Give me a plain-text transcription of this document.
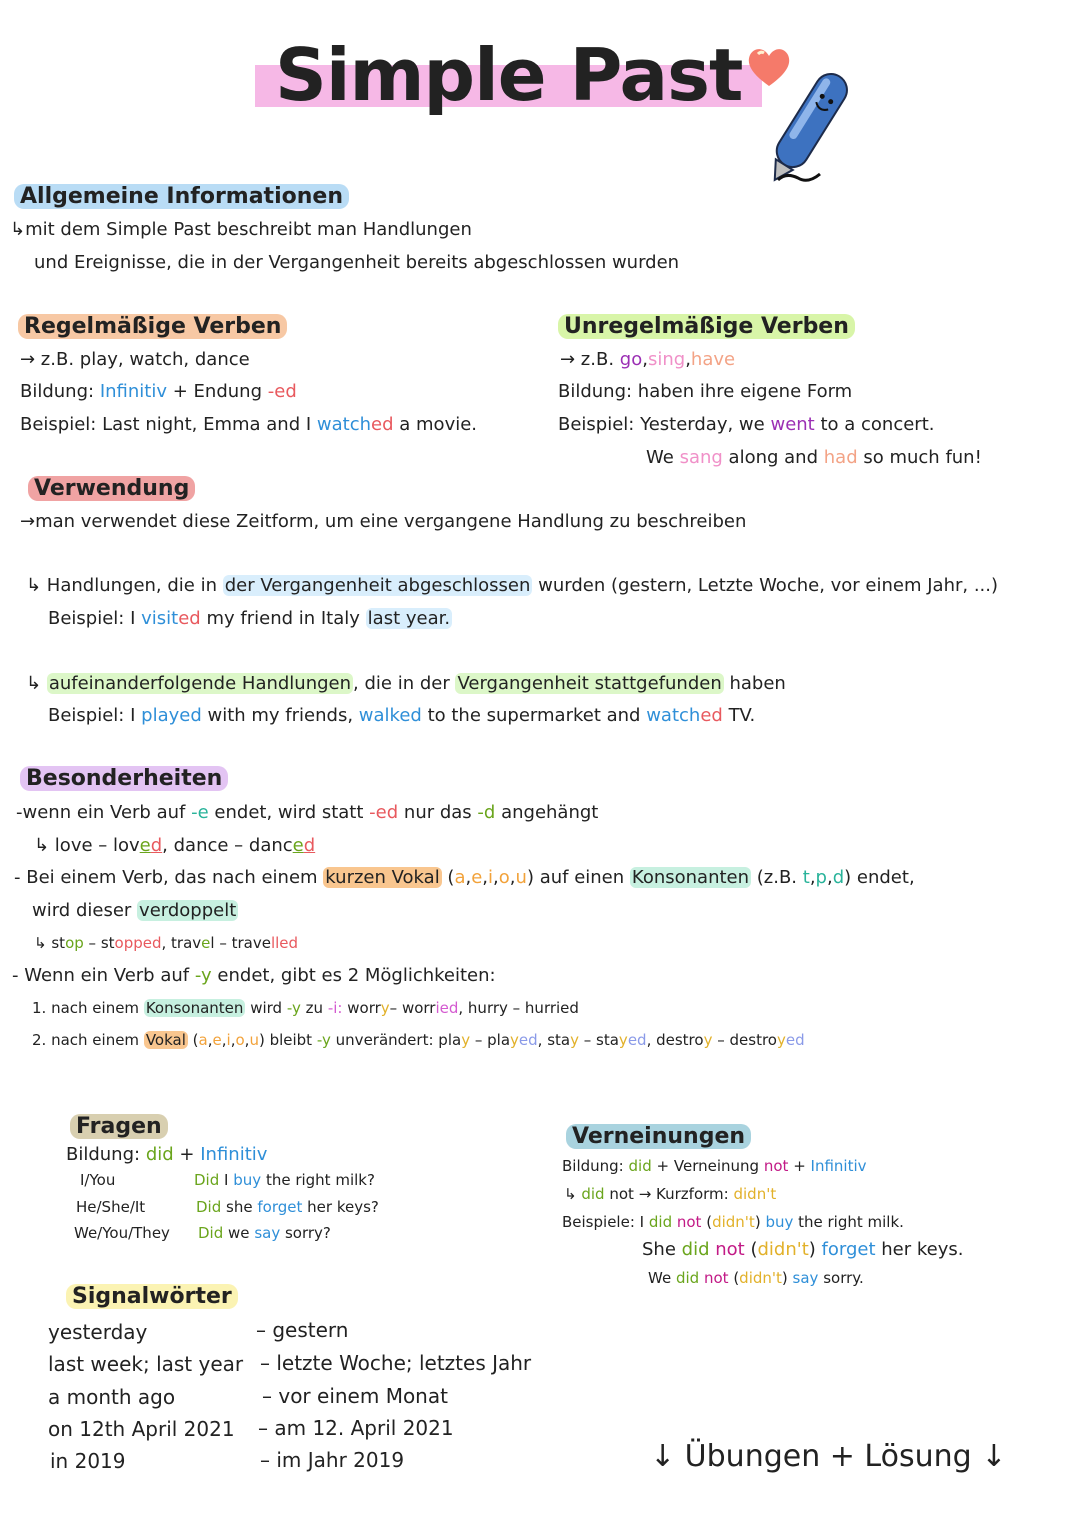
Simple Past
Allgemeine Informationen
↳mit dem Simple Past beschreibt man Handlungen
und Ereignisse, die in der Vergangenheit bereits abgeschlossen wurden
Regelmäßige Verben
→ z.B. play, watch, dance
Bildung: Infinitiv + Endung -ed
Beispiel: Last night, Emma and I watched a movie.
Unregelmäßige Verben
→ z.B. go,sing,have
Bildung: haben ihre eigene Form
Beispiel: Yesterday, we went to a concert.
We sang along and had so much fun!
Verwendung
→man verwendet diese Zeitform, um eine vergangene Handlung zu beschreiben
↳ Handlungen, die in der Vergangenheit abgeschlossen wurden (gestern, Letzte Woche, vor einem Jahr, ...)
Beispiel: I visited my friend in Italy last year.
↳ aufeinanderfolgende Handlungen , die in der Vergangenheit stattgefunden haben
Beispiel: I played with my friends, walked to the supermarket and watched TV.
Besonderheiten
-wenn ein Verb auf -e endet, wird statt -ed nur das -d angehängt
↳ love – loved, dance – danced
- Bei einem Verb, das nach einem kurzen Vokal (a,e,i,o,u) auf einen Konsonanten (z.B. t,p,d) endet,
wird dieser verdoppelt
↳ stop – stopped, travel – travelled
- Wenn ein Verb auf -y endet, gibt es 2 Möglichkeiten:
1. nach einem Konsonanten wird -y zu -i: worry– worried, hurry – hurried
2. nach einem Vokal (a,e,i,o,u) bleibt -y unverändert: play – played, stay – stayed, destroy – destroyed
Fragen
Bildung: did + Infinitiv
I/You	Did I buy the right milk?
He/She/It	Did she forget her keys?
We/You/They Did we say sorry?
Verneinungen
Bildung: did + Verneinung not + Infinitiv
↳ did not → Kurzform: didn't
Beispiele: I did not (didn't) buy the right milk.
She did not (didn't) forget her keys.
We did not (didn't) say sorry.
Signalwörter
yesterday	– gestern
last week; last year – letzte Woche; letztes Jahr
a month ago	– vor einem Monat
on 12th April 2021 – am 12. April 2021
in 2019	– im Jahr 2019	↓ Übungen + Lösung ↓
